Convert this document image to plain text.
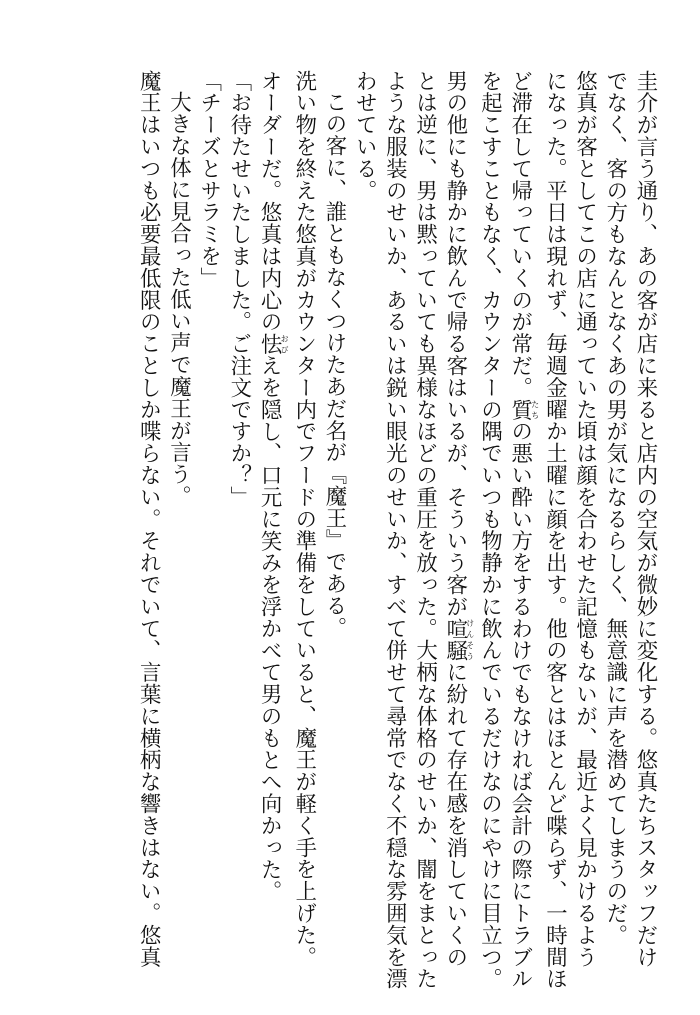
圭介が言う通り、あの客が店に来ると店内の空気が微妙に変化する。悠真たちスタッフだけ
でなく、客の方もなんとなくあの男が気になるらしく、無意識に声を潜めてしまうのだ。
悠真が客としてこの店に通っていた頃は顔を合わせた記憶もないが、最近よく見かけるよう
になった。平日は現れず、毎週金曜か土曜に顔を出す。他の客とはほとんど喋らず、一時間ほ
ど滞在して帰っていくのが常だ。質たちの悪い酔い方をするわけでもなければ会計の際にトラブル
を起こすこともなく、カウンターの隅でいつも物静かに飲んでいるだけなのにやけに目立つ。
男の他にも静かに飲んで帰る客はいるが、そういう客が喧騒けんそうに紛れて存在感を消していくの
とは逆に、男は黙っていても異様なほどの重圧を放った。大柄な体格のせいか、闇をまとった
ような服装のせいか、あるいは鋭い眼光のせいか、すべて併せて尋常でなく不穏な雰囲気を漂
わせている。
この客に、誰ともなくつけたあだ名が『魔王』である。
洗い物を終えた悠真がカウンター内でフードの準備をしていると、魔王が軽く手を上げた。
オーダーだ。悠真は内心の怯おびえを隠し、口元に笑みを浮かべて男のもとへ向かった。
「お待たせいたしました。ご注文ですか？」
「チーズとサラミを」
大きな体に見合った低い声で魔王が言う。
魔王はいつも必要最低限のことしか喋らない。それでいて、言葉に横柄な響きはない。悠真
